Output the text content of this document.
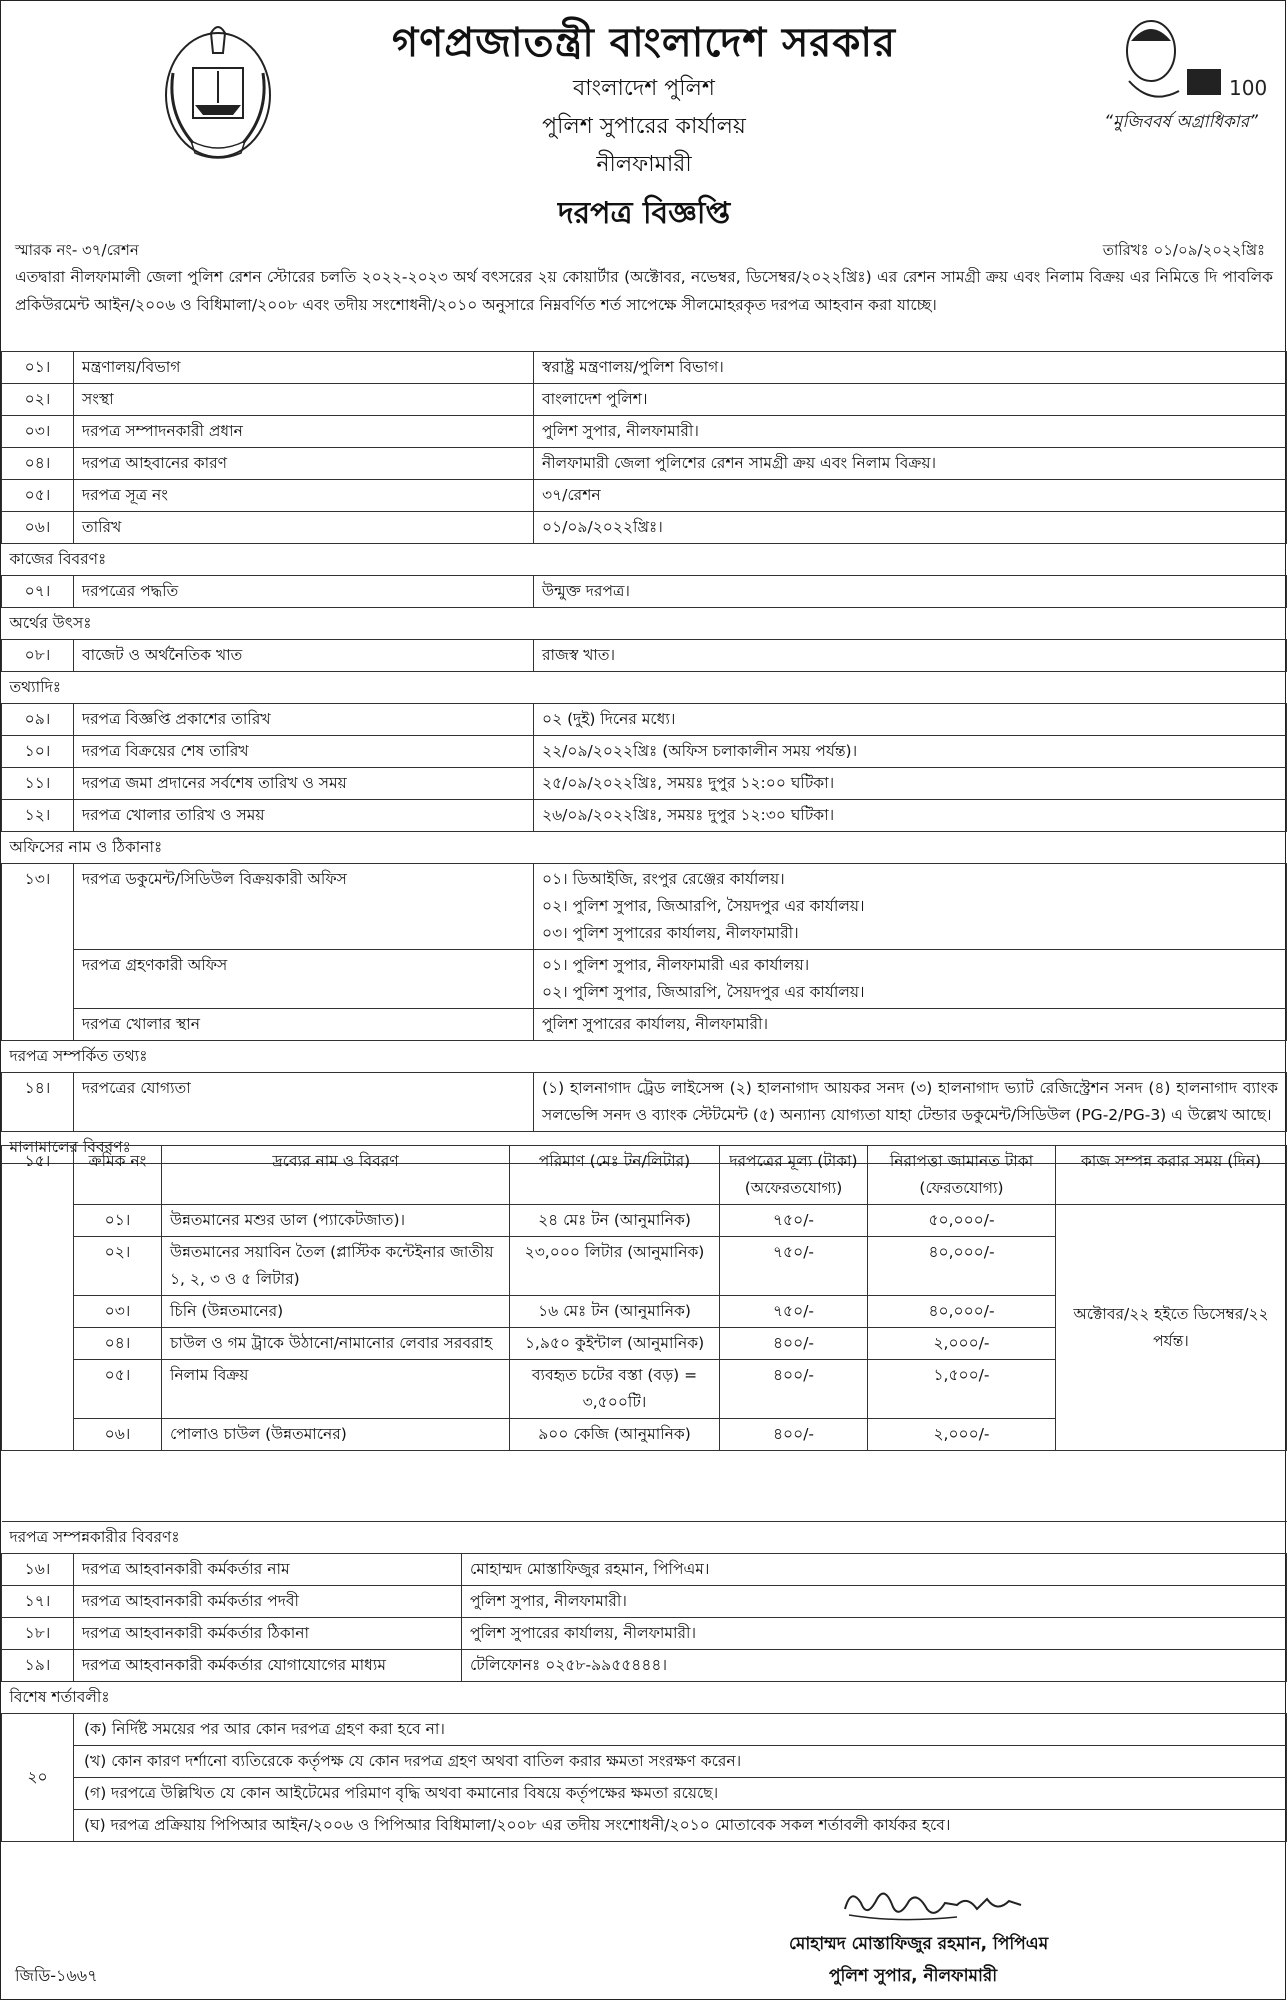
100
“মুজিববর্ষ অগ্রাধিকার”
গণপ্রজাতন্ত্রী বাংলাদেশ সরকার
বাংলাদেশ পুলিশ
পুলিশ সুপারের কার্যালয়
নীলফামারী
দরপত্র বিজ্ঞপ্তি
স্মারক নং- ৩৭/রেশন	তারিখঃ ০১/০৯/২০২২খ্রিঃ
এতদ্বারা নীলফামালী জেলা পুলিশ রেশন স্টোরের চলতি ২০২২-২০২৩ অর্থ বৎসরের ২য় কোয়ার্টার (অক্টোবর, নভেম্বর, ডিসেম্বর/২০২২খ্রিঃ) এর রেশন সামগ্রী ক্রয় এবং নিলাম বিক্রয় এর নিমিত্তে দি পাবলিক প্রকিউরমেন্ট আইন/২০০৬ ও বিধিমালা/২০০৮ এবং তদীয় সংশোধনী/২০১০ অনুসারে নিম্নবর্ণিত শর্ত সাপেক্ষে সীলমোহরকৃত দরপত্র আহবান করা যাচ্ছে।
০১।	মন্ত্রণালয়/বিভাগ	স্বরাষ্ট্র মন্ত্রণালয়/পুলিশ বিভাগ।
০২।	সংস্থা	বাংলাদেশ পুলিশ।
০৩।	দরপত্র সম্পাদনকারী প্রধান	পুলিশ সুপার, নীলফামারী।
০৪।	দরপত্র আহবানের কারণ	নীলফামারী জেলা পুলিশের রেশন সামগ্রী ক্রয় এবং নিলাম বিক্রয়।
০৫।	দরপত্র সূত্র নং	৩৭/রেশন
০৬।	তারিখ	০১/০৯/২০২২খ্রিঃ।
কাজের বিবরণঃ		
০৭।	দরপত্রের পদ্ধতি	উন্মুক্ত দরপত্র।
অর্থের উৎসঃ		
০৮।	বাজেট ও অর্থনৈতিক খাত	রাজস্ব খাত।
তথ্যাদিঃ		
০৯।	দরপত্র বিজ্ঞপ্তি প্রকাশের তারিখ	০২ (দুই) দিনের মধ্যে।
১০।	দরপত্র বিক্রয়ের শেষ তারিখ	২২/০৯/২০২২খ্রিঃ (অফিস চলাকালীন সময় পর্যন্ত)।
১১।	দরপত্র জমা প্রদানের সর্বশেষ তারিখ ও সময়	২৫/০৯/২০২২খ্রিঃ, সময়ঃ দুপুর ১২:০০ ঘটিকা।
১২।	দরপত্র খোলার তারিখ ও সময়	২৬/০৯/২০২২খ্রিঃ, সময়ঃ দুপুর ১২:৩০ ঘটিকা।
অফিসের নাম ও ঠিকানাঃ		
১৩।	দরপত্র ডকুমেন্ট/সিডিউল বিক্রয়কারী অফিস	০১। ডিআইজি, রংপুর রেঞ্জের কার্যালয়।
০২। পুলিশ সুপার, জিআরপি, সৈয়দপুর এর কার্যালয়।
০৩। পুলিশ সুপারের কার্যালয়, নীলফামারী।

	দরপত্র গ্রহণকারী অফিস	০১। পুলিশ সুপার, নীলফামারী এর কার্যালয়।
০২। পুলিশ সুপার, জিআরপি, সৈয়দপুর এর কার্যালয়।

	দরপত্র খোলার স্থান	পুলিশ সুপারের কার্যালয়, নীলফামারী।
দরপত্র সম্পর্কিত তথ্যঃ		
১৪।	দরপত্রের যোগ্যতা	(১) হালনাগাদ ট্রেড লাইসেন্স (২) হালনাগাদ আয়কর সনদ (৩) হালনাগাদ ভ্যাট রেজিস্ট্রেশন সনদ (৪) হালনাগাদ ব্যাংক সলভেন্সি সনদ ও ব্যাংক স্টেটমেন্ট (৫) অন্যান্য যোগ্যতা যাহা টেন্ডার ডকুমেন্ট/সিডিউল (PG-2/PG-3) এ উল্লেখ আছে।
মালামালের বিবরণঃ		
১৫।	ক্রমিক নং	দ্রব্যের নাম ও বিবরণ	পরিমাণ (মেঃ টন/লিটার)	দরপত্রের মূল্য (টাকা) (অফেরতযোগ্য)	নিরাপত্তা জামানত টাকা (ফেরতযোগ্য)	কাজ সম্পন্ন করার সময় (দিন)
	০১।	উন্নতমানের মশুর ডাল (প্যাকেটজাত)।	২৪ মেঃ টন (আনুমানিক)	৭৫০/-	৫০,০০০/-	অক্টোবর/২২ হইতে ডিসেম্বর/২২ পর্যন্ত।
	০২।	উন্নতমানের সয়াবিন তৈল (প্লাস্টিক কন্টেইনার জাতীয় ১, ২, ৩ ও ৫ লিটার)	২৩,০০০ লিটার (আনুমানিক)	৭৫০/-	৪০,০০০/-	
	০৩।	চিনি (উন্নতমানের)	১৬ মেঃ টন (আনুমানিক)	৭৫০/-	৪০,০০০/-	
	০৪।	চাউল ও গম ট্রাকে উঠানো/নামানোর লেবার সরবরাহ	১,৯৫০ কুইন্টাল (আনুমানিক)	৪০০/-	২,০০০/-	
	০৫।	নিলাম বিক্রয়	ব্যবহৃত চটের বস্তা (বড়) = ৩,৫০০টি।	৪০০/-	১,৫০০/-	
	০৬।	পোলাও চাউল (উন্নতমানের)	৯০০ কেজি (আনুমানিক)	৪০০/-	২,০০০/-	
দরপত্র সম্পন্নকারীর বিবরণঃ		
১৬।	দরপত্র আহবানকারী কর্মকর্তার নাম	মোহাম্মদ মোস্তাফিজুর রহমান, পিপিএম।
১৭।	দরপত্র আহবানকারী কর্মকর্তার পদবী	পুলিশ সুপার, নীলফামারী।
১৮।	দরপত্র আহবানকারী কর্মকর্তার ঠিকানা	পুলিশ সুপারের কার্যালয়, নীলফামারী।
১৯।	দরপত্র আহবানকারী কর্মকর্তার যোগাযোগের মাধ্যম	টেলিফোনঃ ০২৫৮-৯৯৫৫৪৪৪।
বিশেষ শর্তাবলীঃ		
২০	(ক) নির্দিষ্ট সময়ের পর আর কোন দরপত্র গ্রহণ করা হবে না।
(খ) কোন কারণ দর্শানো ব্যতিরেকে কর্তৃপক্ষ যে কোন দরপত্র গ্রহণ অথবা বাতিল করার ক্ষমতা সংরক্ষণ করেন।
(গ) দরপত্রে উল্লিখিত যে কোন আইটেমের পরিমাণ বৃদ্ধি অথবা কমানোর বিষয়ে কর্তৃপক্ষের ক্ষমতা রয়েছে।
(ঘ) দরপত্র প্রক্রিয়ায় পিপিআর আইন/২০০৬ ও পিপিআর বিধিমালা/২০০৮ এর তদীয় সংশোধনী/২০১০ মোতাবেক সকল শর্তাবলী কার্যকর হবে।	
মোহাম্মদ মোস্তাফিজুর রহমান, পিপিএম
পুলিশ সুপার, নীলফামারী
জিডি-১৬৬৭
